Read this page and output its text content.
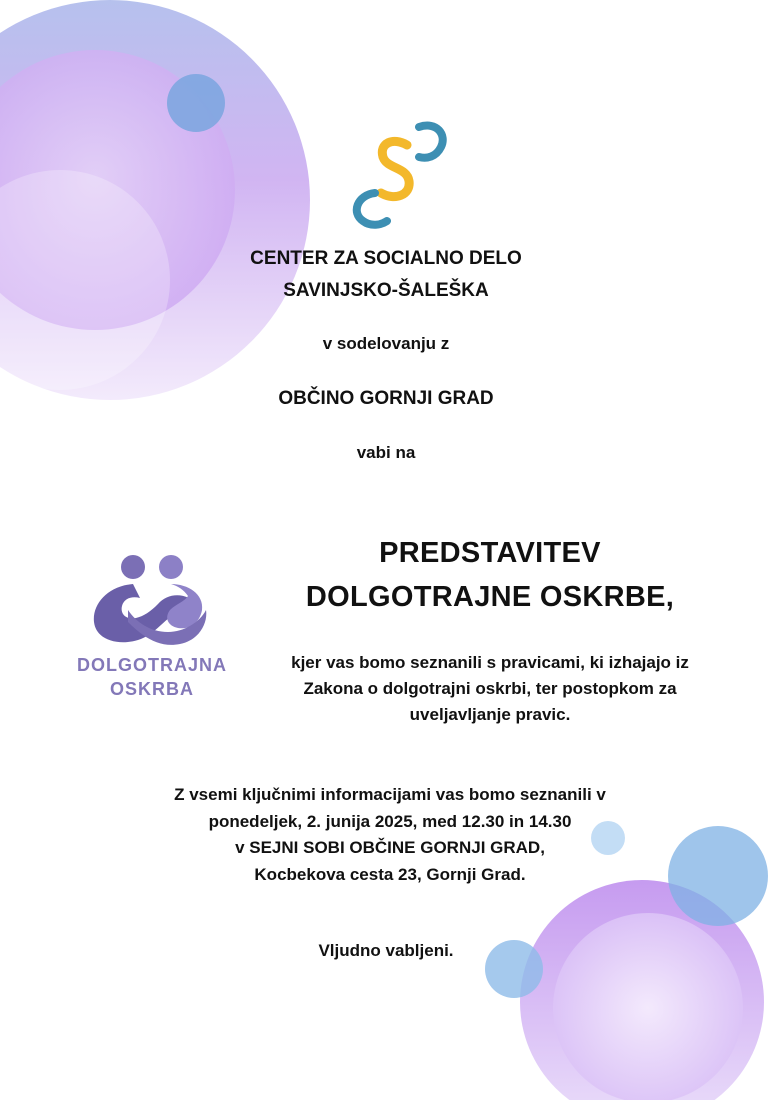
CENTER ZA SOCIALNO DELO
SAVINJSKO-ŠALEŠKA
v sodelovanju z
OBČINO GORNJI GRAD
vabi na
DOLGOTRAJNA
OSKRBA
PREDSTAVITEV
DOLGOTRAJNE OSKRBE,
kjer vas bomo seznanili s pravicami, ki izhajajo iz
Zakona o dolgotrajni oskrbi, ter postopkom za
uveljavljanje pravic.
Z vsemi ključnimi informacijami vas bomo seznanili v
ponedeljek, 2. junija 2025, med 12.30 in 14.30
v SEJNI SOBI OBČINE GORNJI GRAD,
Kocbekova cesta 23, Gornji Grad.
Vljudno vabljeni.
